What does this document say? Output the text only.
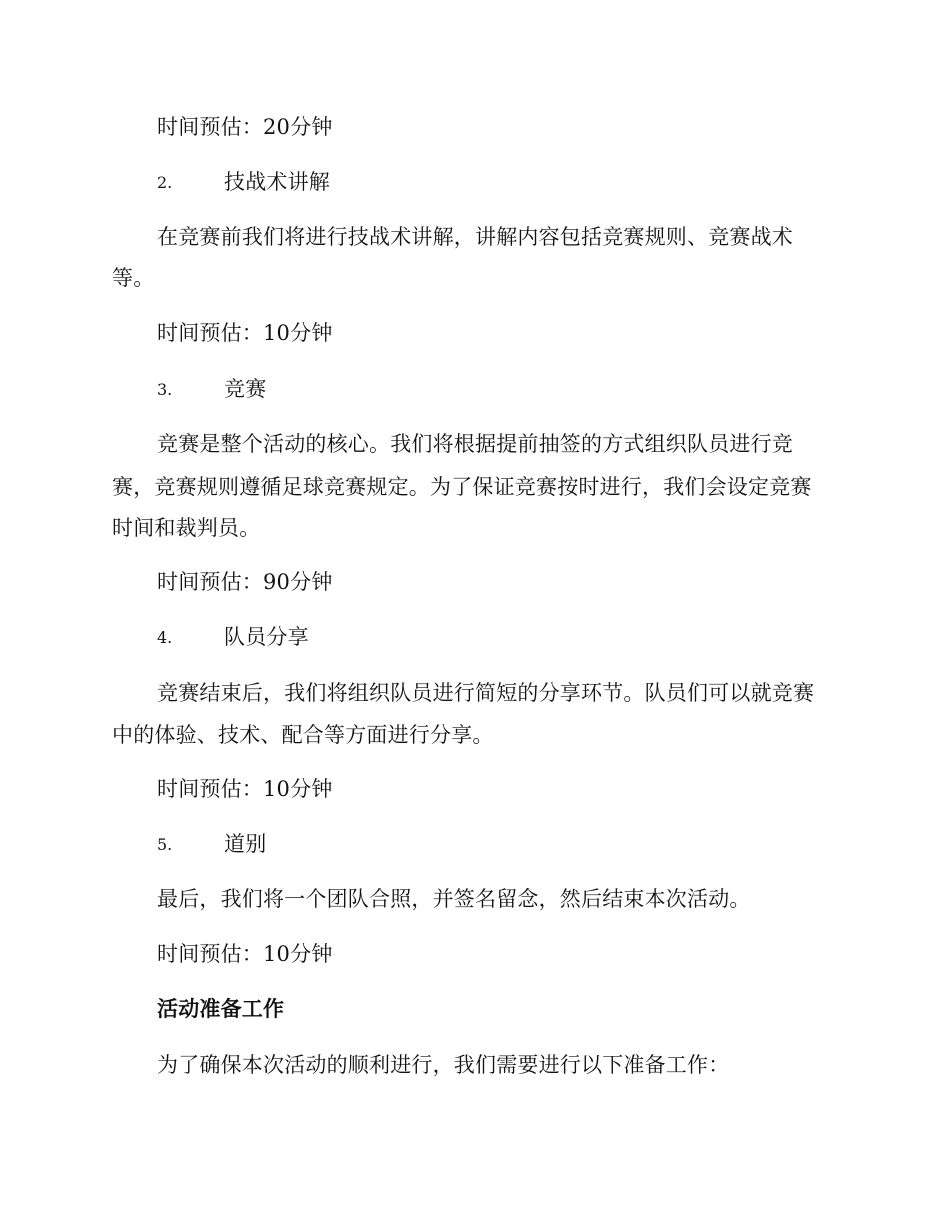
时间预估：20分钟
2. 技战术讲解
在竞赛前我们将进行技战术讲解，讲解内容包括竞赛规则、竞赛战术
等。
时间预估：10分钟
3. 竞赛
竞赛是整个活动的核心。我们将根据提前抽签的方式组织队员进行竞
赛，竞赛规则遵循足球竞赛规定。为了保证竞赛按时进行，我们会设定竞赛
时间和裁判员。
时间预估：90分钟
4. 队员分享
竞赛结束后，我们将组织队员进行简短的分享环节。队员们可以就竞赛
中的体验、技术、配合等方面进行分享。
时间预估：10分钟
5. 道别
最后，我们将一个团队合照，并签名留念，然后结束本次活动。
时间预估：10分钟
活动准备工作
为了确保本次活动的顺利进行，我们需要进行以下准备工作：
